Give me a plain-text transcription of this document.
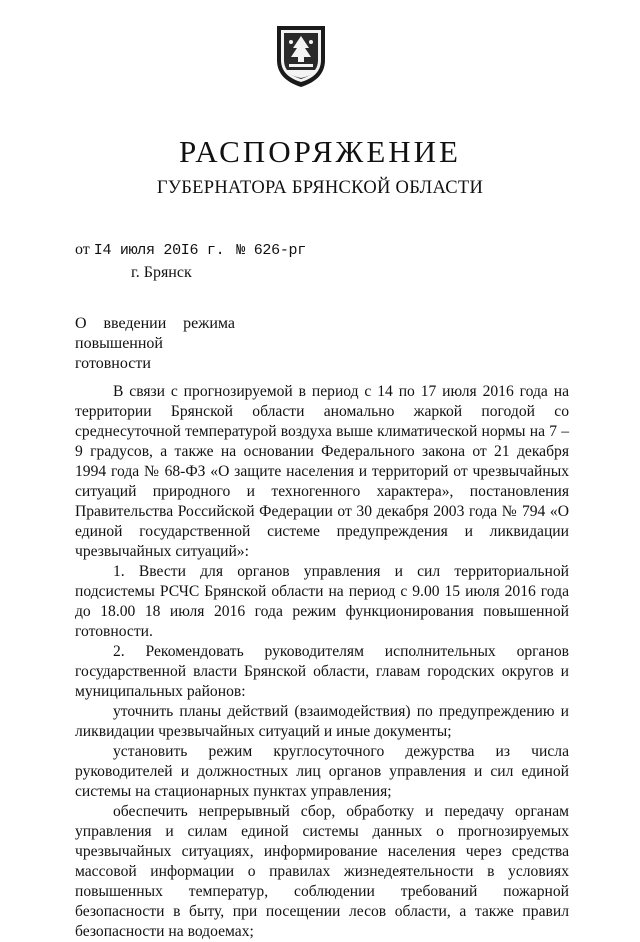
РАСПОРЯЖЕНИЕ
ГУБЕРНАТОРА БРЯНСКОЙ ОБЛАСТИ
от I4 июля 20I6 г. № 626-рг
г. Брянск
О введении режима
повышенной готовности

В связи с прогнозируемой в период с 14 по 17 июля 2016 года на территории Брянской области аномально жаркой погодой со среднесуточной температурой воздуха выше климатической нормы на 7 – 9 градусов, а также на основании Федерального закона от 21 декабря 1994 года № 68-ФЗ «О защите населения и территорий от чрезвычайных ситуаций природного и техногенного характера», постановления Правительства Российской Федерации от 30 декабря 2003 года № 794 «О единой государственной системе предупреждения и ликвидации чрезвычайных ситуаций»:

1. Ввести для органов управления и сил территориальной подсистемы РСЧС Брянской области на период с 9.00 15 июля 2016 года до 18.00 18 июля 2016 года режим функционирования повышенной готовности.

2. Рекомендовать руководителям исполнительных органов государственной власти Брянской области, главам городских округов и муниципальных районов:

уточнить планы действий (взаимодействия) по предупреждению и ликвидации чрезвычайных ситуаций и иные документы;

установить режим круглосуточного дежурства из числа руководителей и должностных лиц органов управления и сил единой системы на стационарных пунктах управления;

обеспечить непрерывный сбор, обработку и передачу органам управления и силам единой системы данных о прогнозируемых чрезвычайных ситуациях, информирование населения через средства массовой информации о правилах жизнедеятельности в условиях повышенных температур, соблюдении требований пожарной безопасности в быту, при посещении лесов области, а также правил безопасности на водоемах;
